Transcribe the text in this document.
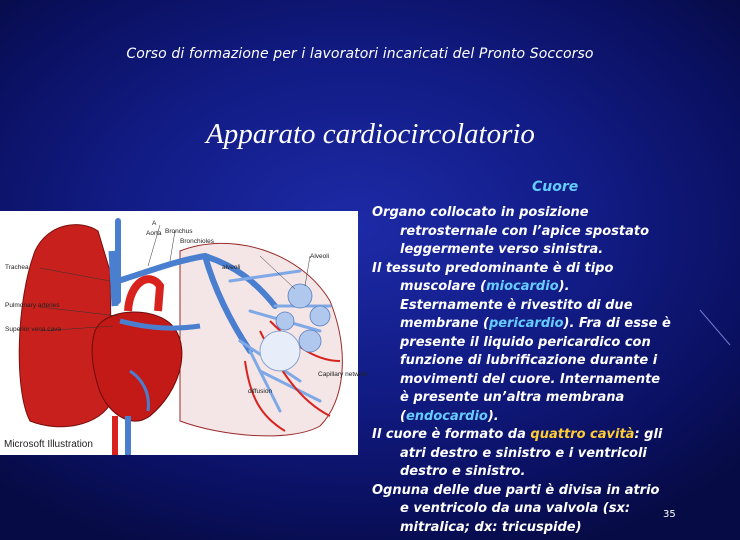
Corso di formazione per i lavoratori incaricati del Pronto Soccorso
Apparato cardiocircolatorio
Cuore
A
Aorta Bronchus
Bronchioles
Trachea
Pulmonary arteries
Superior vena cava
alveoli
Alveoli
Capillary network
diffusion
Microsoft Illustration
Organo collocato in posizione retrosternale con l’apice spostato leggermente verso sinistra.
Il tessuto predominante è di tipo muscolare (miocardio). Esternamente è rivestito di due membrane (pericardio). Fra di esse è presente il liquido pericardico con funzione di lubrificazione durante i movimenti del cuore. Internamente è presente un’altra membrana (endocardio).
Il cuore è formato da quattro cavità: gli atri destro e sinistro e i ventricoli destro e sinistro.
Ognuna delle due parti è divisa in atrio e ventricolo da una valvola (sx: mitralica; dx: tricuspide)
35
